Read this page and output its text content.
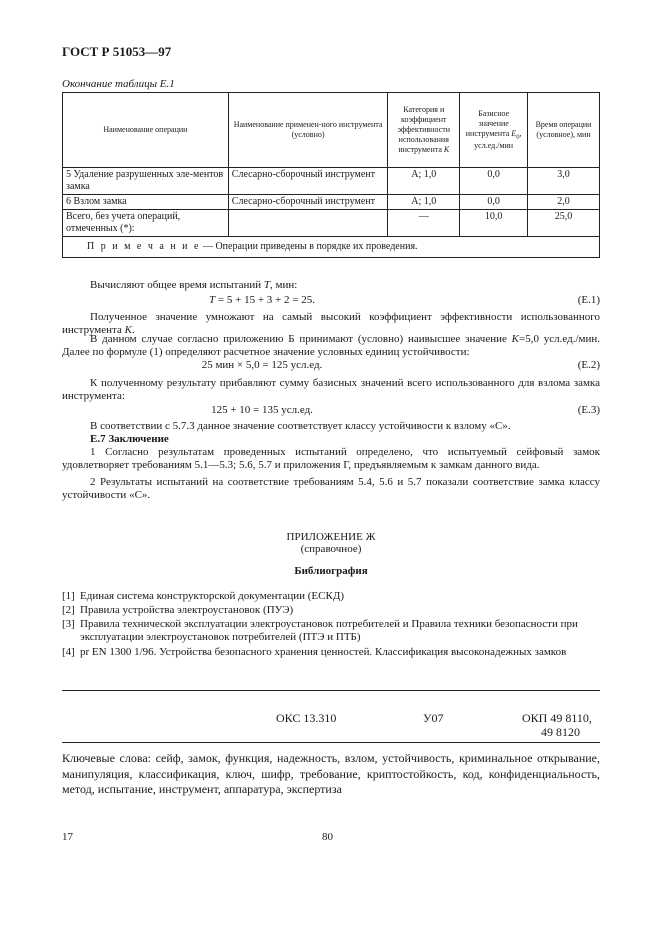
ГОСТ Р 51053—97
Окончание таблицы Е.1
Наименование операции	Наименование применен-ного инструмента (условно)	Категория и коэффициент эффективности использования инструмента K	Базисное значение инструмента $E_0$, усл.ед./мин	Время операции (условное), мин
5 Удаление разрушенных эле-ментов замка	Слесарно-сборочный инструмент	А; 1,0	0,0	3,0
6 Взлом замка	Слесарно-сборочный инструмент	А; 1,0	0,0	2,0
Всего, без учета операций, отмеченных (*):		—	10,0	25,0
П р и м е ч а н и е — Операции приведены в порядке их проведения.				
Вычисляют общее время испытаний T, мин:
T = 5 + 15 + 3 + 2 = 25.	(Е.1)
Полученное значение умножают на самый высокий коэффициент эффективности использованного инструмента K.
В данном случае согласно приложению Б принимают (условно) наивысшее значение K=5,0 усл.ед./мин. Далее по формуле (1) определяют расчетное значение условных единиц устойчивости:
25 мин × 5,0 = 125 усл.ед.	(Е.2)
К полученному результату прибавляют сумму базисных значений всего использованного для взлома замка инструмента:
125 + 10 = 135 усл.ед.	(Е.3)
В соответствии с 5.7.3 данное значение соответствует классу устойчивости к взлому «С».
Е.7 Заключение
1 Согласно результатам проведенных испытаний определено, что испытуемый сейфовый замок удовлетворяет требованиям 5.1—5.3; 5.6, 5.7 и приложения Г, предъявляемым к замкам данного вида.
2 Результаты испытаний на соответствие требованиям 5.4, 5.6 и 5.7 показали соответствие замка классу устойчивости «С».
ПРИЛОЖЕНИЕ Ж
(справочное)
Библиография
[1] Единая система конструкторской документации (ЕСКД)
[2] Правила устройства электроустановок (ПУЭ)
[3] Правила технической эксплуатации электроустановок потребителей и Правила техники безопасности при эксплуатации электроустановок потребителей (ПТЭ и ПТБ)
[4] pr EN 1300 1/96. Устройства безопасного хранения ценностей. Классификация высоконадежных замков
ОКС 13.310	У07	ОКП 49 8110,
49 8120
Ключевые слова: сейф, замок, функция, надежность, взлом, устойчивость, криминальное открывание, манипуляция, классификация, ключ, шифр, требование, криптостойкость, код, конфиденциальность, метод, испытание, инструмент, аппаратура, экспертиза
17	80
